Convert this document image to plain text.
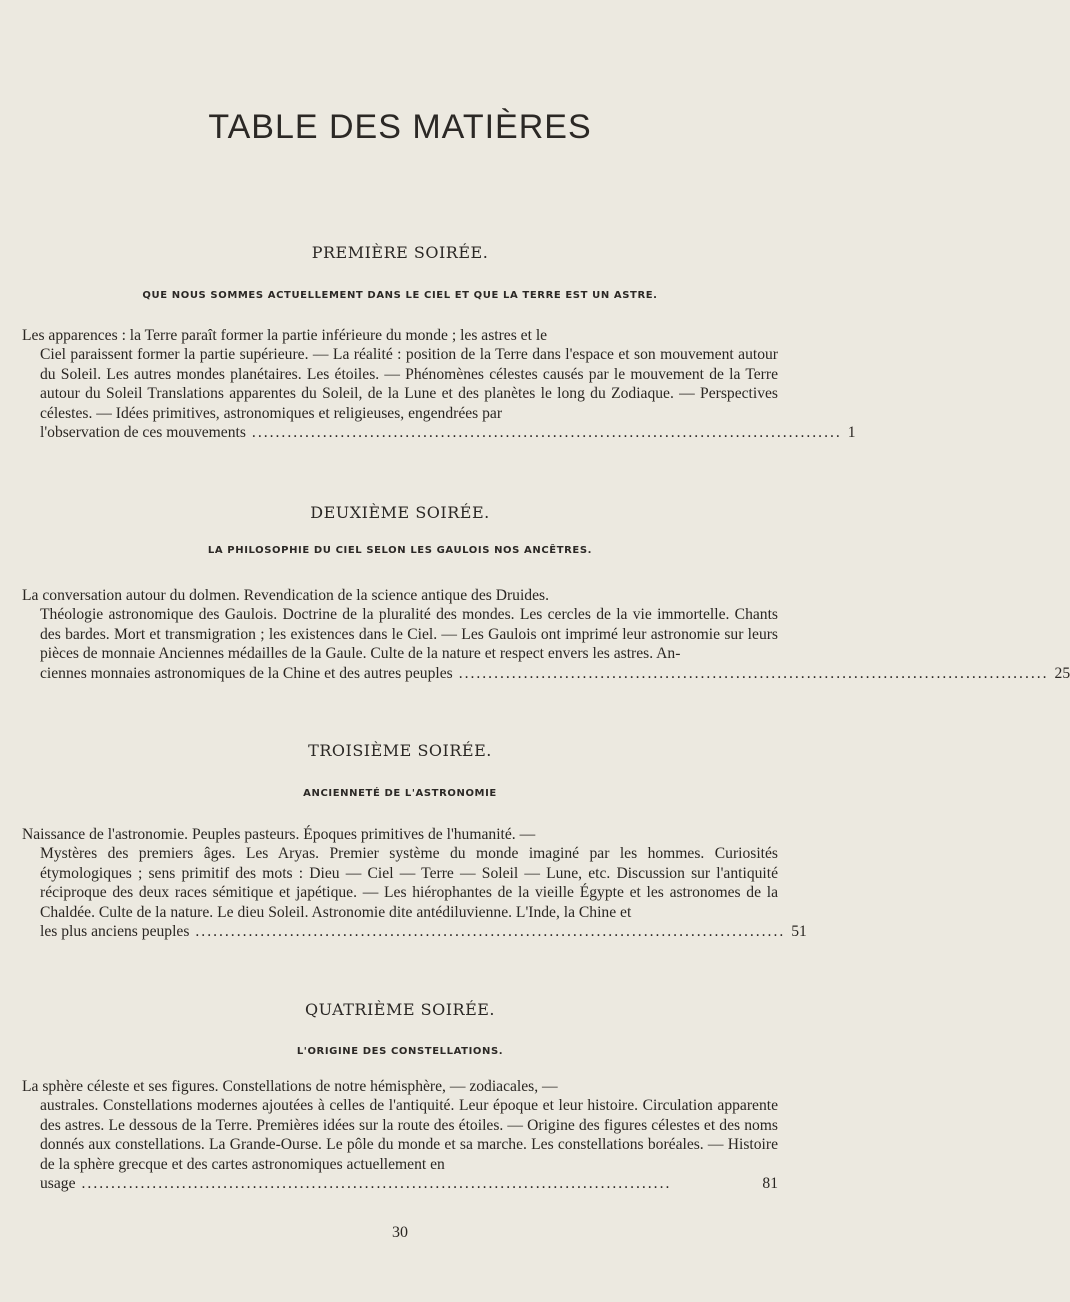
TABLE DES MATIÈRES
PREMIÈRE SOIRÉE.
QUE NOUS SOMMES ACTUELLEMENT DANS LE CIEL ET QUE LA TERRE EST UN ASTRE.
Les apparences : la Terre paraît former la partie inférieure du monde ; les astres et le
Ciel paraissent former la partie supérieure. — La réalité : position de la Terre dans l'espace et son mouvement autour du Soleil. Les autres mondes planétaires. Les étoiles. — Phénomènes célestes causés par le mouvement de la Terre autour du Soleil Translations apparentes du Soleil, de la Lune et des planètes le long du Zodiaque. — Perspectives célestes. — Idées primitives, astronomiques et religieuses, engendrées par
l'observation de ces mouvements .................................................................................................... 1
DEUXIÈME SOIRÉE.
LA PHILOSOPHIE DU CIEL SELON LES GAULOIS NOS ANCÊTRES.
La conversation autour du dolmen. Revendication de la science antique des Druides.
Théologie astronomique des Gaulois. Doctrine de la pluralité des mondes. Les cercles de la vie immortelle. Chants des bardes. Mort et transmigration ; les existences dans le Ciel. — Les Gaulois ont imprimé leur astronomie sur leurs pièces de monnaie Anciennes médailles de la Gaule. Culte de la nature et respect envers les astres. An-
ciennes monnaies astronomiques de la Chine et des autres peuples .................................................................................................... 25
TROISIÈME SOIRÉE.
ANCIENNETÉ DE L'ASTRONOMIE
Naissance de l'astronomie. Peuples pasteurs. Époques primitives de l'humanité. —
Mystères des premiers âges. Les Aryas. Premier système du monde imaginé par les hommes. Curiosités étymologiques ; sens primitif des mots : Dieu — Ciel — Terre — Soleil — Lune, etc. Discussion sur l'antiquité réciproque des deux races sémitique et japétique. — Les hiérophantes de la vieille Égypte et les astronomes de la Chaldée. Culte de la nature. Le dieu Soleil. Astronomie dite antédiluvienne. L'Inde, la Chine et
les plus anciens peuples .................................................................................................... 51
QUATRIÈME SOIRÉE.
L'ORIGINE DES CONSTELLATIONS.
La sphère céleste et ses figures. Constellations de notre hémisphère, — zodiacales, —
australes. Constellations modernes ajoutées à celles de l'antiquité. Leur époque et leur histoire. Circulation apparente des astres. Le dessous de la Terre. Premières idées sur la route des étoiles. — Origine des figures célestes et des noms donnés aux constellations. La Grande-Ourse. Le pôle du monde et sa marche. Les constellations boréales. — Histoire de la sphère grecque et des cartes astronomiques actuellement en
usage ....................................................................................................	81
30
